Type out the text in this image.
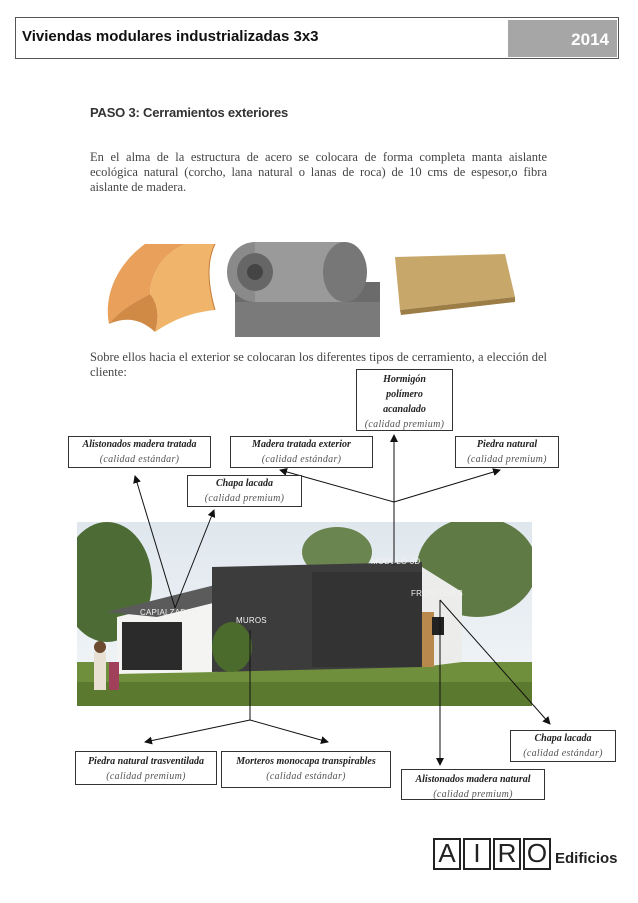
Viviendas modulares industrializadas 3x3	2014
PASO 3: Cerramientos exteriores
En el alma de la estructura de acero se colocara de forma completa manta aislante ecológica natural (corcho, lana natural o lanas de roca) de 10 cms de espesor,o fibra aislante de madera.
Sobre ellos hacia el exterior se colocaran los diferentes tipos de cerramiento, a elección del cliente:
MÓDULO 3D
FRONTONES
CAPIALZADOS
MUROS
Hormigón polímero acanalado
(calidad premium)
Alistonados madera tratada
(calidad estándar)
Madera tratada exterior
(calidad estándar)
Piedra natural
(calidad premium)
Chapa lacada
(calidad premium)
Piedra natural trasventilada
(calidad premium)
Morteros monocapa transpirables
(calidad estándar)
Chapa lacada
(calidad estándar)
Alistonados madera natural
(calidad premium)
A I R O Edificios
